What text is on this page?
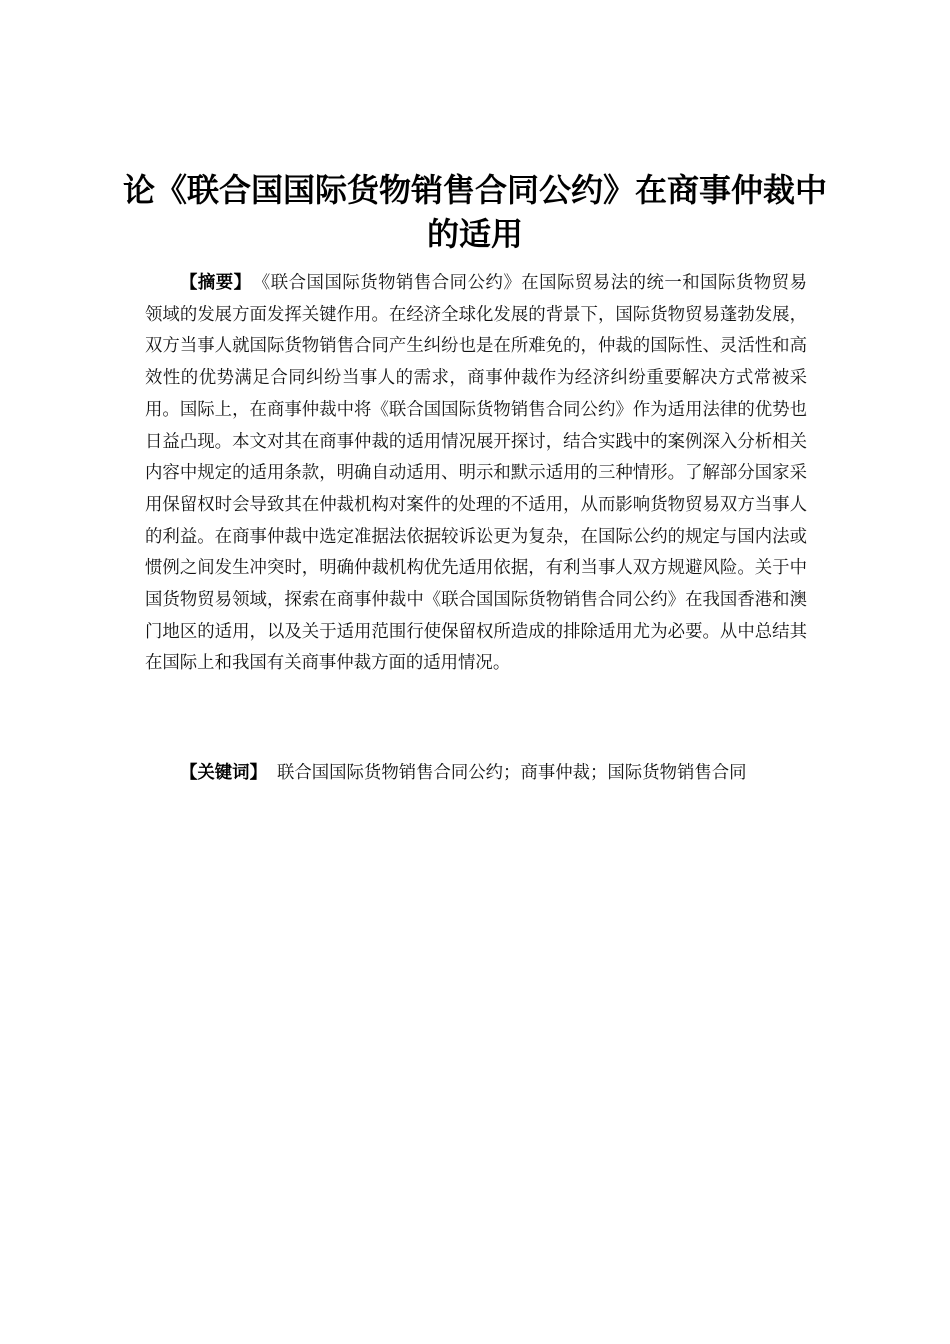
论《联合国国际货物销售合同公约》在商事仲裁中的适用

【摘要】 《联合国国际货物销售合同公约》在国际贸易法的统一和国际货物贸易领域的发展方面发挥关键作用。在经济全球化发展的背景下，国际货物贸易蓬勃发展，双方当事人就国际货物销售合同产生纠纷也是在所难免的，仲裁的国际性、灵活性和高效性的优势满足合同纠纷当事人的需求，商事仲裁作为经济纠纷重要解决方式常被采用。国际上，在商事仲裁中将《联合国国际货物销售合同公约》作为适用法律的优势也日益凸现。本文对其在商事仲裁的适用情况展开探讨，结合实践中的案例深入分析相关内容中规定的适用条款，明确自动适用、明示和默示适用的三种情形。了解部分国家采用保留权时会导致其在仲裁机构对案件的处理的不适用，从而影响货物贸易双方当事人的利益。在商事仲裁中选定准据法依据较诉讼更为复杂，在国际公约的规定与国内法或惯例之间发生冲突时，明确仲裁机构优先适用依据，有利当事人双方规避风险。关于中国货物贸易领域，探索在商事仲裁中《联合国国际货物销售合同公约》在我国香港和澳门地区的适用，以及关于适用范围行使保留权所造成的排除适用尤为必要。从中总结其在国际上和我国有关商事仲裁方面的适用情况。

【关键词】 联合国国际货物销售合同公约；商事仲裁；国际货物销售合同
